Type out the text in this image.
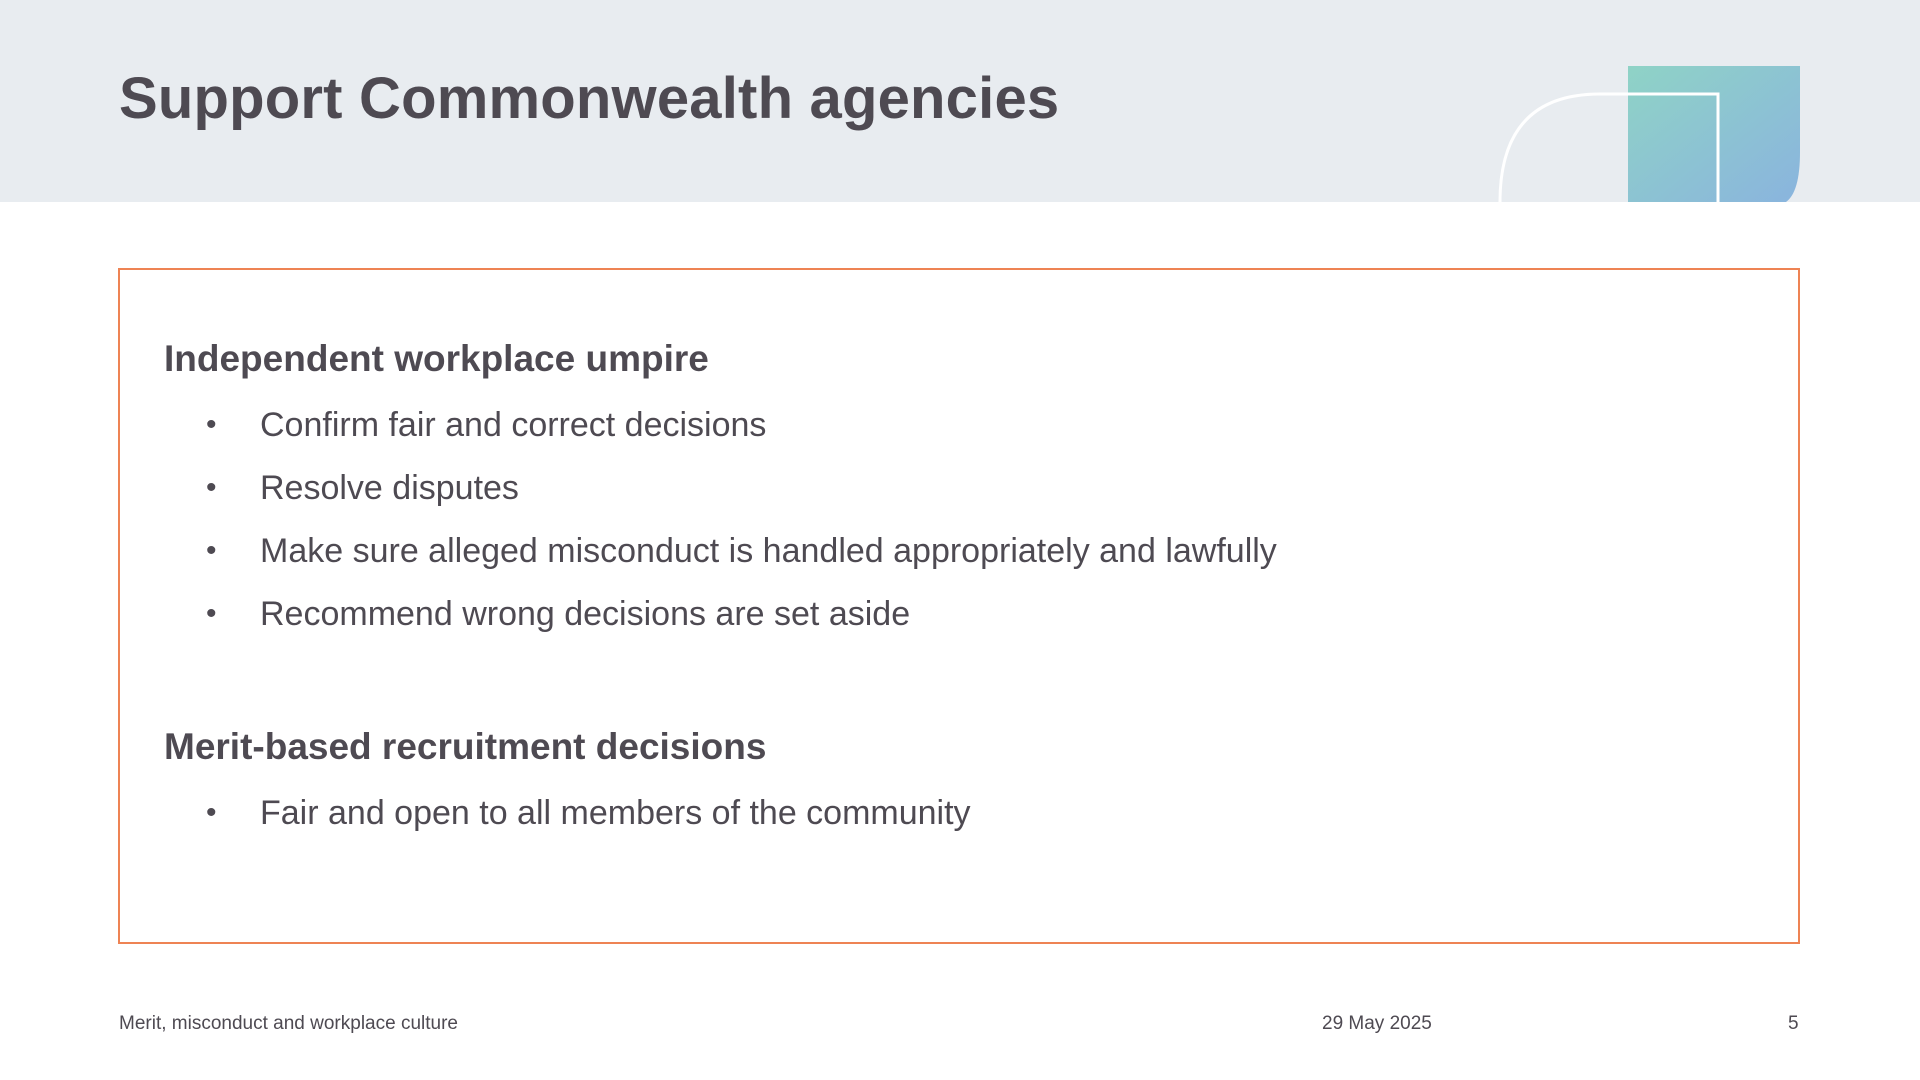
Support Commonwealth agencies
Independent workplace umpire
• Confirm fair and correct decisions
• Resolve disputes
• Make sure alleged misconduct is handled appropriately and lawfully
• Recommend wrong decisions are set aside
Merit-based recruitment decisions
• Fair and open to all members of the community
Merit, misconduct and workplace culture	29 May 2025	5
